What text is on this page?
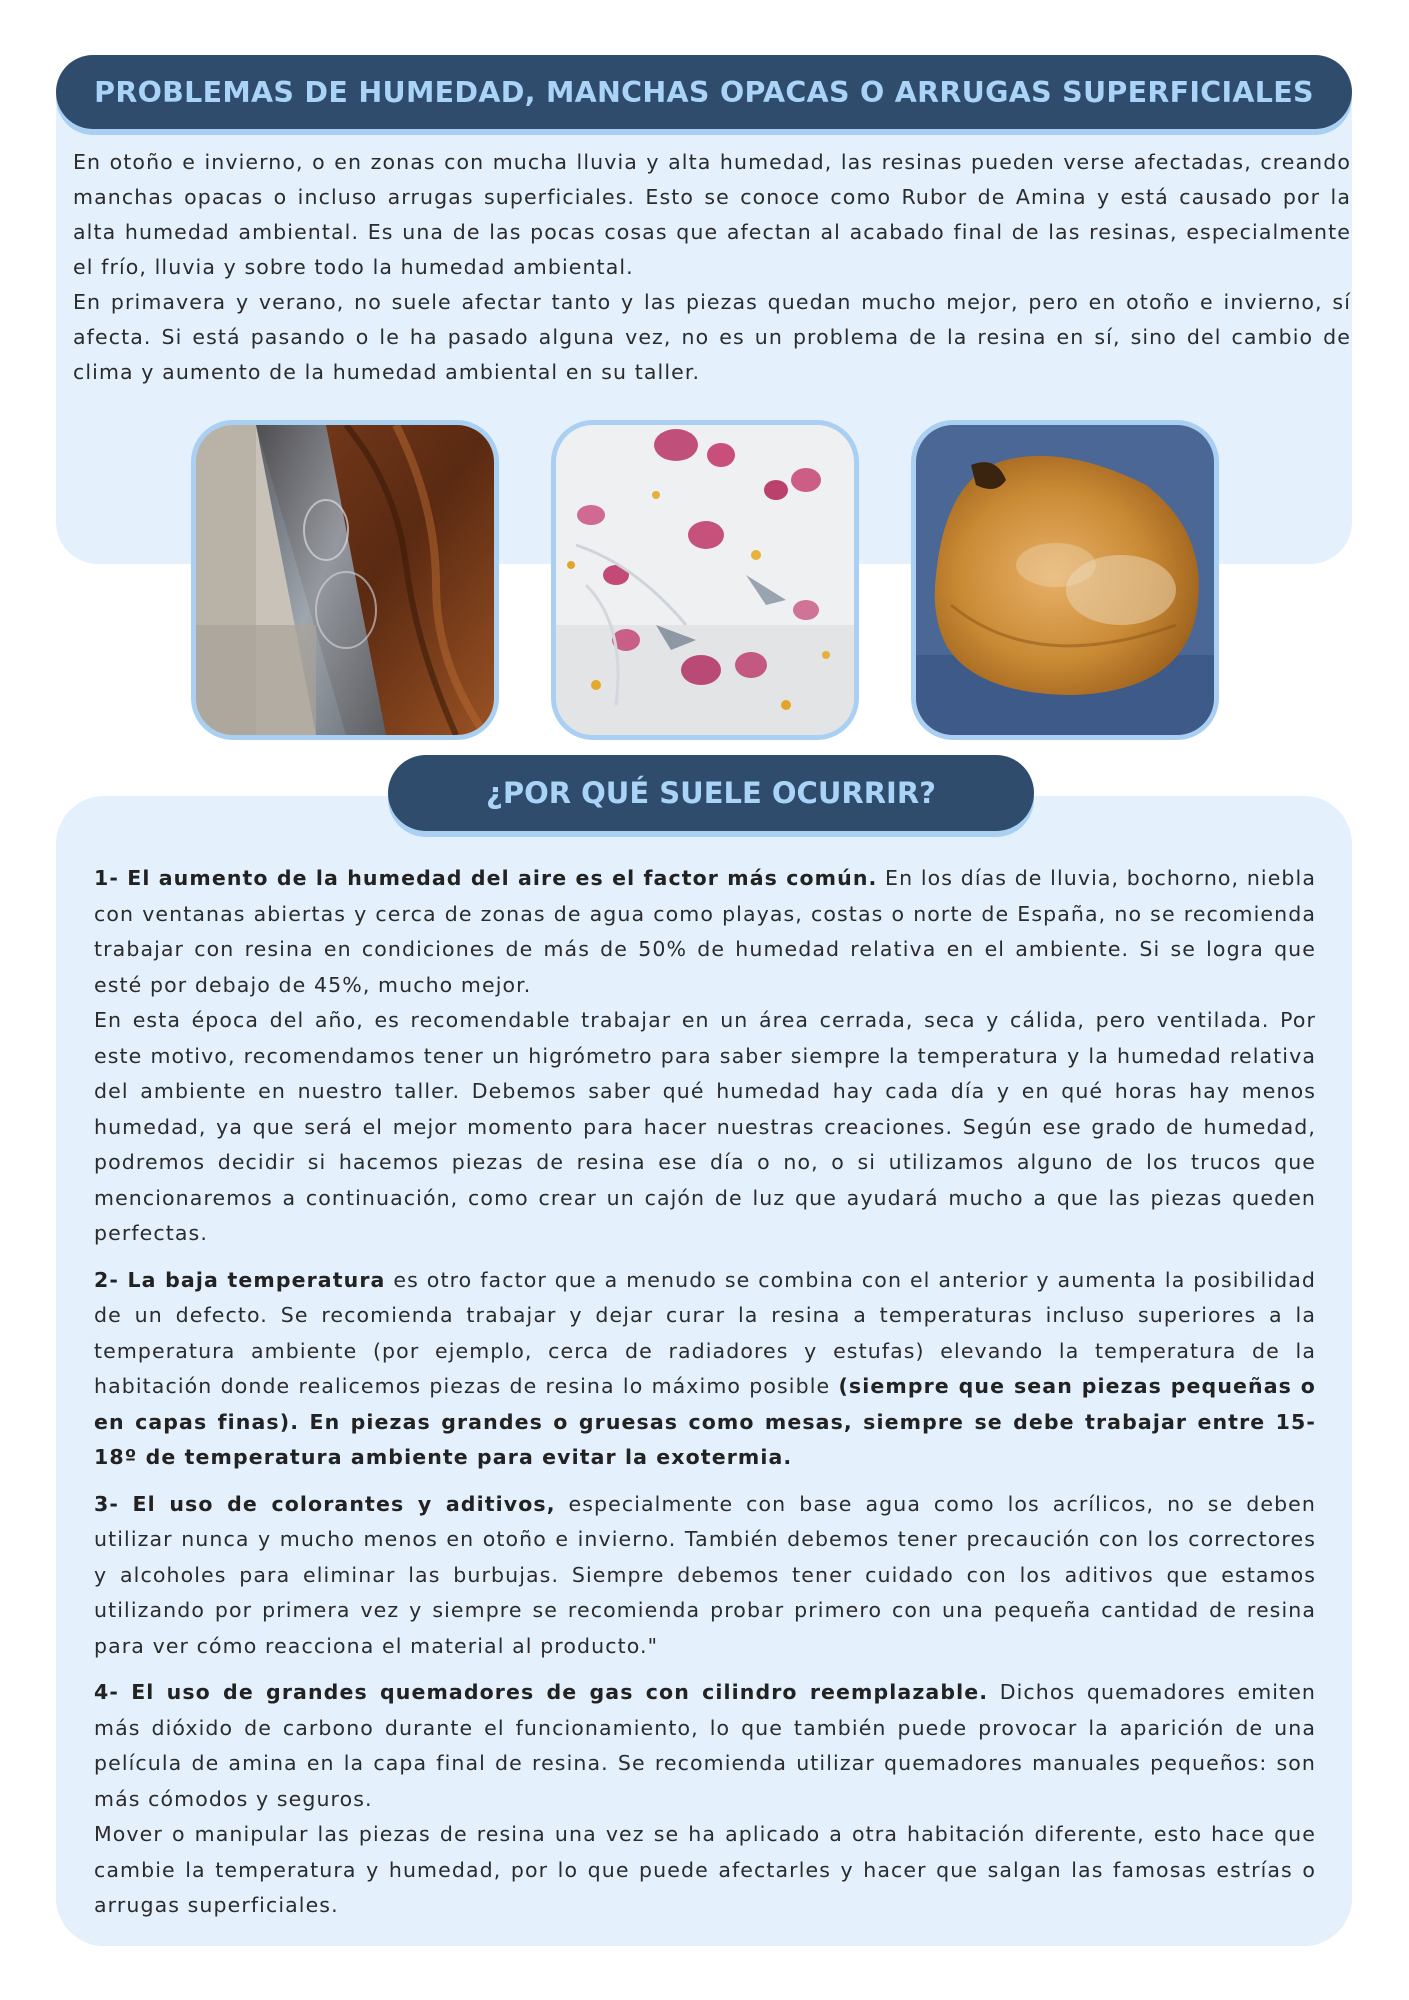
PROBLEMAS DE HUMEDAD, MANCHAS OPACAS O ARRUGAS SUPERFICIALES

En otoño e invierno, o en zonas con mucha lluvia y alta humedad, las resinas pueden verse afectadas, creando manchas opacas o incluso arrugas superficiales. Esto se conoce como Rubor de Amina y está causado por la alta humedad ambiental. Es una de las pocas cosas que afectan al acabado final de las resinas, especialmente el frío, lluvia y sobre todo la humedad ambiental.

En primavera y verano, no suele afectar tanto y las piezas quedan mucho mejor, pero en otoño e invierno, sí afecta. Si está pasando o le ha pasado alguna vez, no es un problema de la resina en sí, sino del cambio de clima y aumento de la humedad ambiental en su taller.

¿POR QUÉ SUELE OCURRIR?

1- El aumento de la humedad del aire es el factor más común. En los días de lluvia, bochorno, niebla con ventanas abiertas y cerca de zonas de agua como playas, costas o norte de España, no se recomienda trabajar con resina en condiciones de más de 50% de humedad relativa en el ambiente. Si se logra que esté por debajo de 45%, mucho mejor.

En esta época del año, es recomendable trabajar en un área cerrada, seca y cálida, pero ventilada. Por este motivo, recomendamos tener un higrómetro para saber siempre la temperatura y la humedad relativa del ambiente en nuestro taller. Debemos saber qué humedad hay cada día y en qué horas hay menos humedad, ya que será el mejor momento para hacer nuestras creaciones. Según ese grado de humedad, podremos decidir si hacemos piezas de resina ese día o no, o si utilizamos alguno de los trucos que mencionaremos a continuación, como crear un cajón de luz que ayudará mucho a que las piezas queden perfectas.

2- La baja temperatura es otro factor que a menudo se combina con el anterior y aumenta la posibilidad de un defecto. Se recomienda trabajar y dejar curar la resina a temperaturas incluso superiores a la temperatura ambiente (por ejemplo, cerca de radiadores y estufas) elevando la temperatura de la habitación donde realicemos piezas de resina lo máximo posible (siempre que sean piezas pequeñas o en capas finas). En piezas grandes o gruesas como mesas, siempre se debe trabajar entre 15-18º de temperatura ambiente para evitar la exotermia.

3- El uso de colorantes y aditivos, especialmente con base agua como los acrílicos, no se deben utilizar nunca y mucho menos en otoño e invierno. También debemos tener precaución con los correctores y alcoholes para eliminar las burbujas. Siempre debemos tener cuidado con los aditivos que estamos utilizando por primera vez y siempre se recomienda probar primero con una pequeña cantidad de resina para ver cómo reacciona el material al producto."

4- El uso de grandes quemadores de gas con cilindro reemplazable. Dichos quemadores emiten más dióxido de carbono durante el funcionamiento, lo que también puede provocar la aparición de una película de amina en la capa final de resina. Se recomienda utilizar quemadores manuales pequeños: son más cómodos y seguros.

Mover o manipular las piezas de resina una vez se ha aplicado a otra habitación diferente, esto hace que cambie la temperatura y humedad, por lo que puede afectarles y hacer que salgan las famosas estrías o arrugas superficiales.
